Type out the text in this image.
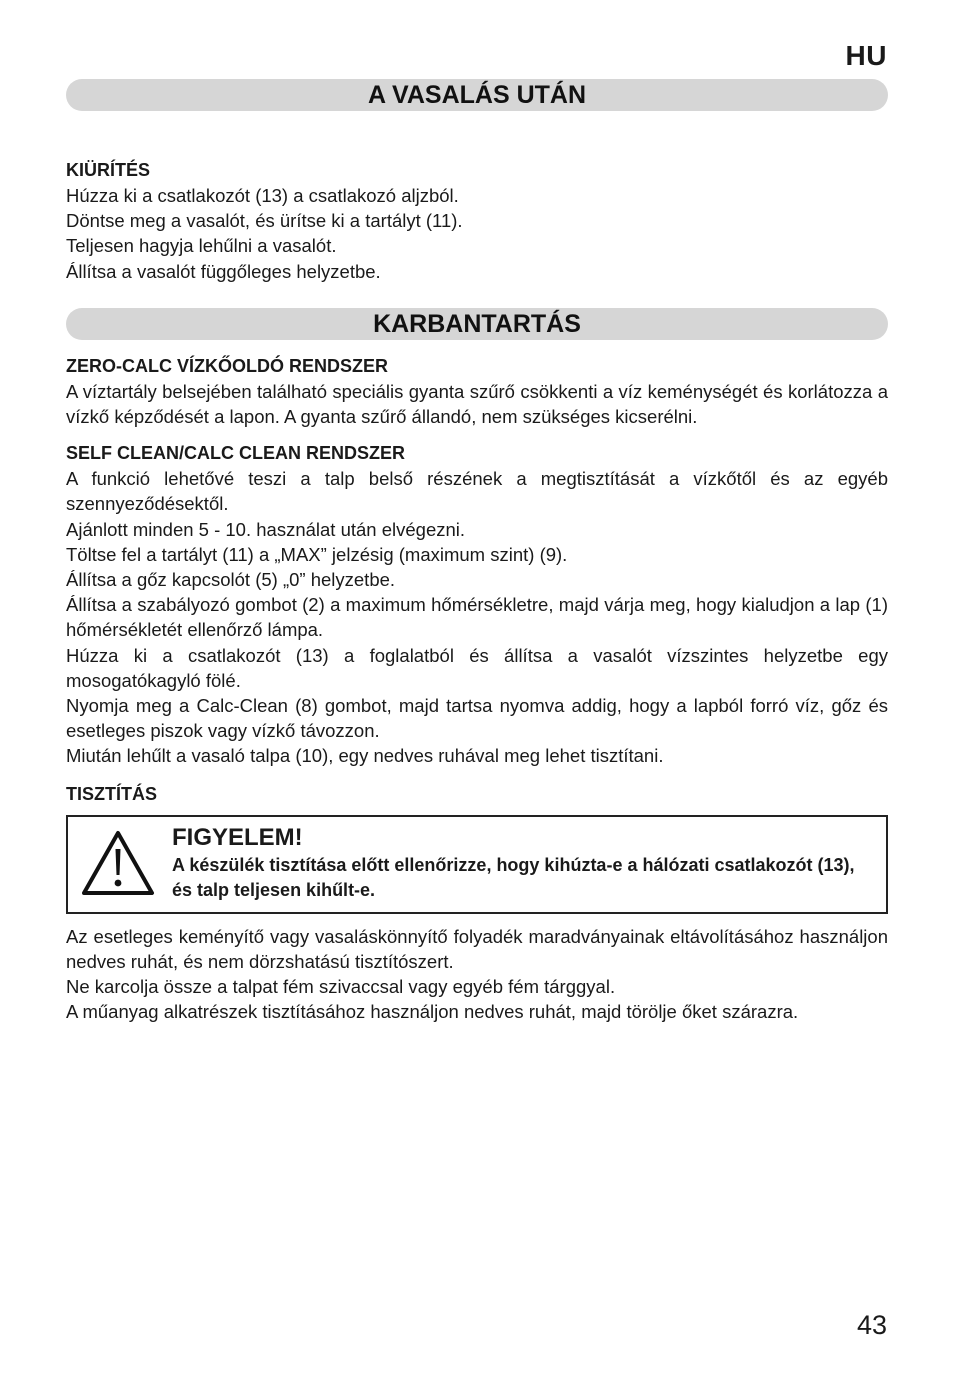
HU
A VASALÁS UTÁN
KIÜRÍTÉS

Húzza ki a csatlakozót (13) a csatlakozó aljzból.

Döntse meg a vasalót, és ürítse ki a tartályt (11).

Teljesen hagyja lehűlni a vasalót.

Állítsa a vasalót függőleges helyzetbe.

KARBANTARTÁS
ZERO-CALC VÍZKŐOLDÓ RENDSZER

A víztartály belsejében található speciális gyanta szűrő csökkenti a víz keménységét és korlátozza a vízkő képződését a lapon. A gyanta szűrő állandó, nem szükséges kicserélni.

SELF CLEAN/CALC CLEAN RENDSZER

A funkció lehetővé teszi a talp belső részének a megtisztítását a vízkőtől és az egyéb szennyeződésektől.

Ajánlott minden 5 - 10. használat után elvégezni.

Töltse fel a tartályt (11) a „MAX” jelzésig (maximum szint) (9).

Állítsa a gőz kapcsolót (5) „0” helyzetbe.

Állítsa a szabályozó gombot (2) a maximum hőmérsékletre, majd várja meg, hogy kialudjon a lap (1) hőmérsékletét ellenőrző lámpa.

Húzza ki a csatlakozót (13) a foglalatból és állítsa a vasalót vízszintes helyzetbe egy mosogatókagyló fölé.

Nyomja meg a Calc-Clean (8) gombot, majd tartsa nyomva addig, hogy a lapból forró víz, gőz és esetleges piszok vagy vízkő távozzon.

Miután lehűlt a vasaló talpa (10), egy nedves ruhával meg lehet tisztítani.

TISZTÍTÁS
FIGYELEM!
A készülék tisztítása előtt ellenőrizze, hogy kihúzta-e a hálózati csatlakozót (13), és talp teljesen kihűlt-e.

Az esetleges keményítő vagy vasaláskönnyítő folyadék maradványainak eltávolításához használjon nedves ruhát, és nem dörzshatású tisztítószert.

Ne karcolja össze a talpat fém szivaccsal vagy egyéb fém tárggyal.

A műanyag alkatrészek tisztításához használjon nedves ruhát, majd törölje őket szárazra.

43
